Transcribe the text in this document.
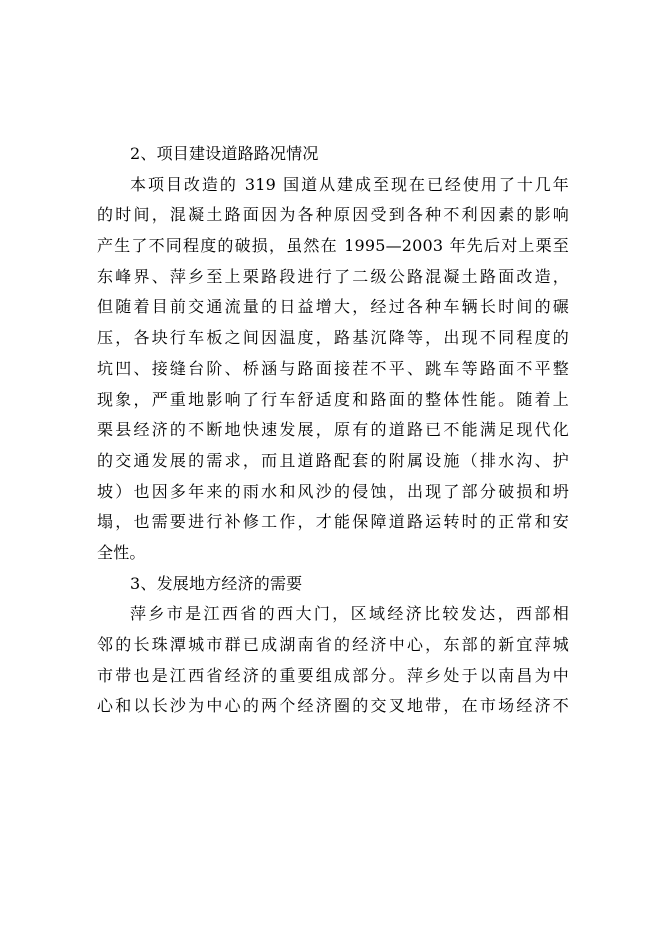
2、项目建设道路路况情况
本项目改造的 319 国道从建成至现在已经使用了十几年
的时间，混凝土路面因为各种原因受到各种不利因素的影响
产生了不同程度的破损，虽然在 1995—2003 年先后对上栗至
东峰界、萍乡至上栗路段进行了二级公路混凝土路面改造，
但随着目前交通流量的日益增大，经过各种车辆长时间的碾
压，各块行车板之间因温度，路基沉降等，出现不同程度的
坑凹、接缝台阶、桥涵与路面接茬不平、跳车等路面不平整
现象，严重地影响了行车舒适度和路面的整体性能。随着上
栗县经济的不断地快速发展，原有的道路已不能满足现代化
的交通发展的需求，而且道路配套的附属设施（排水沟、护
坡）也因多年来的雨水和风沙的侵蚀，出现了部分破损和坍
塌，也需要进行补修工作，才能保障道路运转时的正常和安
全性。
3、发展地方经济的需要
萍乡市是江西省的西大门，区域经济比较发达，西部相
邻的长珠潭城市群已成湖南省的经济中心，东部的新宜萍城
市带也是江西省经济的重要组成部分。萍乡处于以南昌为中
心和以长沙为中心的两个经济圈的交叉地带，在市场经济不
